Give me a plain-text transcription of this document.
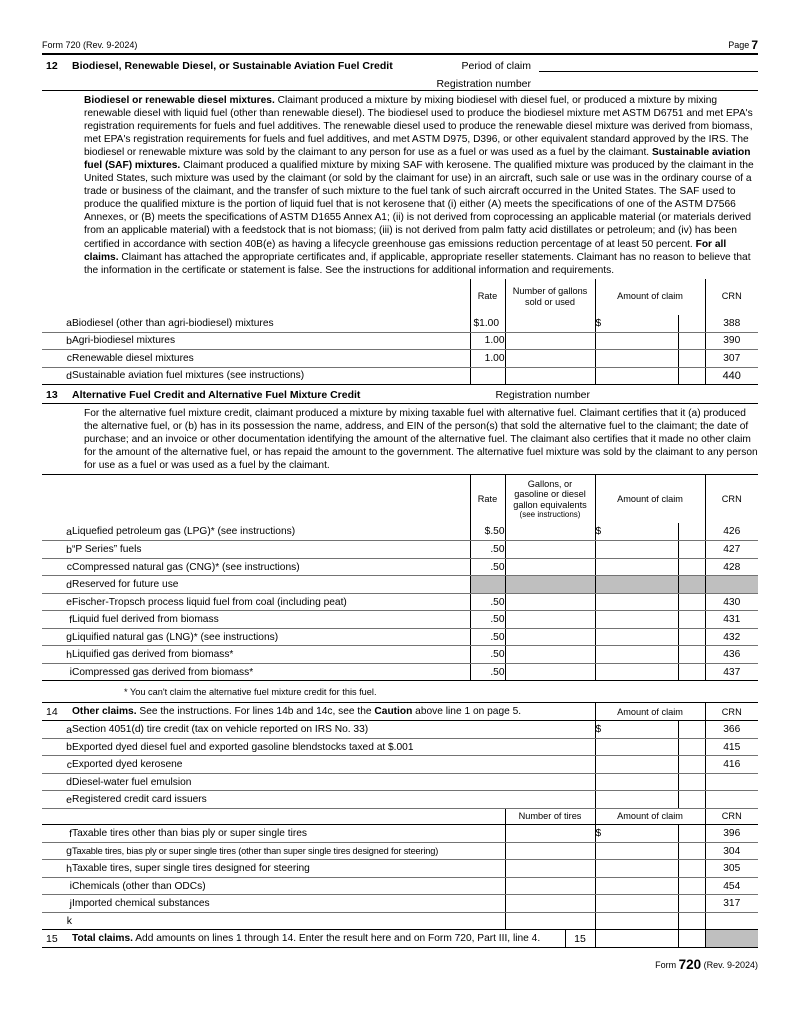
Form 720 (Rev. 9-2024)	Page 7
12	Biodiesel, Renewable Diesel, or Sustainable Aviation Fuel Credit	Period of claim
Registration number
Biodiesel or renewable diesel mixtures. Claimant produced a mixture by mixing biodiesel with diesel fuel, or produced a mixture by mixing renewable diesel with liquid fuel (other than renewable diesel). The biodiesel used to produce the biodiesel mixture met ASTM D6751 and met EPA's registration requirements for fuels and fuel additives. The renewable diesel used to produce the renewable diesel mixture was derived from biomass, met EPA's registration requirements for fuels and fuel additives, and met ASTM D975, D396, or other equivalent standard approved by the IRS. The biodiesel or renewable mixture was sold by the claimant to any person for use as a fuel or was used as a fuel by the claimant. Sustainable aviation fuel (SAF) mixtures. Claimant produced a qualified mixture by mixing SAF with kerosene. The qualified mixture was produced by the claimant in the United States, such mixture was used by the claimant (or sold by the claimant for use) in an aircraft, such sale or use was in the ordinary course of a trade or business of the claimant, and the transfer of such mixture to the fuel tank of such aircraft occurred in the United States. The SAF used to produce the qualified mixture is the portion of liquid fuel that is not kerosene that (i) either (A) meets the specifications of one of the ASTM D7566 Annexes, or (B) meets the specifications of ASTM D1655 Annex A1; (ii) is not derived from coprocessing an applicable material (or materials derived from an applicable material) with a feedstock that is not biomass; (iii) is not derived from palm fatty acid distillates or petroleum; and (iv) has been certified in accordance with section 40B(e) as having a lifecycle greenhouse gas emissions reduction percentage of at least 50 percent. For all claims. Claimant has attached the appropriate certificates and, if applicable, appropriate reseller statements. Claimant has no reason to believe that the information in the certificate or statement is false. See the instructions for additional information and requirements.
		Rate	Number of gallons
sold or used	Amount of claim		CRN
a	Biodiesel (other than agri-biodiesel) mixtures	$1.00		$		388
b	Agri-biodiesel mixtures	1.00				390
c	Renewable diesel mixtures	1.00				307
d	Sustainable aviation fuel mixtures (see instructions)					440
13	Alternative Fuel Credit and Alternative Fuel Mixture Credit	Registration number
For the alternative fuel mixture credit, claimant produced a mixture by mixing taxable fuel with alternative fuel. Claimant certifies that it (a) produced the alternative fuel, or (b) has in its possession the name, address, and EIN of the person(s) that sold the alternative fuel to the claimant; the date of purchase; and an invoice or other documentation identifying the amount of the alternative fuel. The claimant also certifies that it made no other claim for the amount of the alternative fuel, or has repaid the amount to the government. The alternative fuel mixture was sold by the claimant to any person for use as a fuel or was used as a fuel by the claimant.
		Rate	Gallons, or
gasoline or diesel
gallon equivalents
(see instructions)	Amount of claim		CRN
a	Liquefied petroleum gas (LPG)* (see instructions)	$.50		$		426
b	“P Series” fuels	.50				427
c	Compressed natural gas (CNG)* (see instructions)	.50				428
d	Reserved for future use					
e	Fischer-Tropsch process liquid fuel from coal (including peat)	.50				430
f	Liquid fuel derived from biomass	.50				431
g	Liquified natural gas (LNG)* (see instructions)	.50				432
h	Liquified gas derived from biomass*	.50				436
i	Compressed gas derived from biomass*	.50				437
* You can't claim the alternative fuel mixture credit for this fuel.
14	Other claims. See the instructions. For lines 14b and 14c, see the Caution above line 1 on page 5.	Amount of claim		CRN
a	Section 4051(d) tire credit (tax on vehicle reported on IRS No. 33)	$		366
b	Exported dyed diesel fuel and exported gasoline blendstocks taxed at $.001			415
c	Exported dyed kerosene			416
d	Diesel-water fuel emulsion			
e	Registered credit card issuers			
		Number of tires	Amount of claim		CRN
f	Taxable tires other than bias ply or super single tires		$		396
g	Taxable tires, bias ply or super single tires (other than super single tires designed for steering)				304
h	Taxable tires, super single tires designed for steering				305
i	Chemicals (other than ODCs)				454
j	Imported chemical substances				317
k					
15	Total claims. Add amounts on lines 1 through 14. Enter the result here and on Form 720, Part III, line 4.	15			
Form 720 (Rev. 9-2024)
